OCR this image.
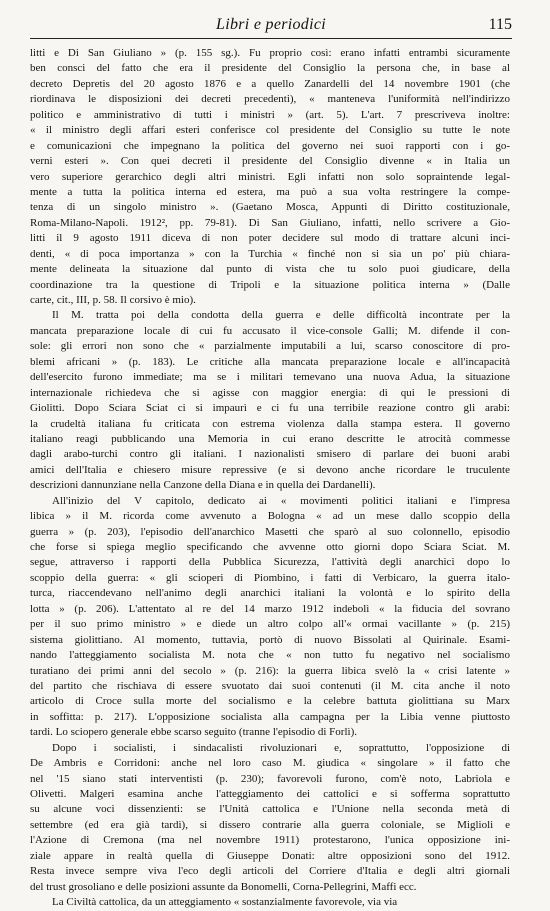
Libri e periodici	115
litti e Di San Giuliano » (p. 155 sg.). Fu proprio così: erano infatti entrambi sicuramente
ben consci del fatto che era il presidente del Consiglio la persona che, in base al
decreto Depretis del 20 agosto 1876 e a quello Zanardelli del 14 novembre 1901 (che
riordinava le disposizioni dei decreti precedenti), « manteneva l'uniformità nell'indirizzo
politico e amministrativo di tutti i ministri » (art. 5). L'art. 7 prescriveva inoltre:
« il ministro degli affari esteri conferisce col presidente del Consiglio su tutte le note
e comunicazioni che impegnano la politica del governo nei suoi rapporti con i go-
verni esteri ». Con quei decreti il presidente del Consiglio divenne « in Italia un
vero superiore gerarchico degli altri ministri. Egli infatti non solo sopraintende legal-
mente a tutta la politica interna ed estera, ma può a sua volta restringere la compe-
tenza di un singolo ministro ». (Gaetano Mosca, Appunti di Diritto costituzionale,
Roma-Milano-Napoli. 1912², pp. 79-81). Di San Giuliano, infatti, nello scrivere a Gio-
litti il 9 agosto 1911 diceva di non poter decidere sul modo di trattare alcuni inci-
denti, « di poca importanza » con la Turchia « finché non si sia un po' più chiara-
mente delineata la situazione dal punto di vista che tu solo puoi giudicare, della
coordinazione tra la questione di Tripoli e la situazione politica interna » (Dalle
carte, cit., III, p. 58. Il corsivo è mio).
Il M. tratta poi della condotta della guerra e delle difficoltà incontrate per la
mancata preparazione locale di cui fu accusato il vice-console Galli; M. difende il con-
sole: gli errori non sono che « parzialmente imputabili a lui, scarso conoscitore di pro-
blemi africani » (p. 183). Le critiche alla mancata preparazione locale e all'incapacità
dell'esercito furono immediate; ma se i militari temevano una nuova Adua, la situazione
internazionale richiedeva che si agisse con maggior energia: di qui le pressioni di
Giolitti. Dopo Sciara Sciat ci si impaurì e ci fu una terribile reazione contro gli arabi:
la crudeltà italiana fu criticata con estrema violenza dalla stampa estera. Il governo
italiano reagì pubblicando una Memoria in cui erano descritte le atrocità commesse
dagli arabo-turchi contro gli italiani. I nazionalisti smisero di parlare dei buoni arabi
amici dell'Italia e chiesero misure repressive (e si devono anche ricordare le truculente
descrizioni dannunziane nella Canzone della Diana e in quella dei Dardanelli).
All'inizio del V capitolo, dedicato ai « movimenti politici italiani e l'impresa
libica » il M. ricorda come avvenuto a Bologna « ad un mese dallo scoppio della
guerra » (p. 203), l'episodio dell'anarchico Masetti che sparò al suo colonnello, episodio
che forse si spiega meglio specificando che avvenne otto giorni dopo Sciara Sciat. M.
segue, attraverso i rapporti della Pubblica Sicurezza, l'attività degli anarchici dopo lo
scoppio della guerra: « gli scioperi di Piombino, i fatti di Verbicaro, la guerra italo-
turca, riaccendevano nell'animo degli anarchici italiani la volontà e lo spirito della
lotta » (p. 206). L'attentato al re del 14 marzo 1912 indebolì « la fiducia del sovrano
per il suo primo ministro » e diede un altro colpo all'« ormai vacillante » (p. 215)
sistema giolittiano. Al momento, tuttavia, portò di nuovo Bissolati al Quirinale. Esami-
nando l'atteggiamento socialista M. nota che « non tutto fu negativo nel socialismo
turatiano dei primi anni del secolo » (p. 216): la guerra libica svelò la « crisi latente »
del partito che rischiava di essere svuotato dai suoi contenuti (il M. cita anche il noto
articolo di Croce sulla morte del socialismo e la celebre battuta giolittiana su Marx
in soffitta: p. 217). L'opposizione socialista alla campagna per la Libia venne piuttosto
tardi. Lo sciopero generale ebbe scarso seguito (tranne l'episodio di Forlì).
Dopo i socialisti, i sindacalisti rivoluzionari e, soprattutto, l'opposizione di
De Ambris e Corridoni: anche nel loro caso M. giudica « singolare » il fatto che
nel '15 siano stati interventisti (p. 230); favorevoli furono, com'è noto, Labriola e
Olivetti. Malgeri esamina anche l'atteggiamento dei cattolici e si sofferma soprattutto
su alcune voci dissenzienti: se l'Unità cattolica e l'Unione nella seconda metà di
settembre (ed era già tardi), si dissero contrarie alla guerra coloniale, se Miglioli e
l'Azione di Cremona (ma nel novembre 1911) protestarono, l'unica opposizione ini-
ziale appare in realtà quella di Giuseppe Donati: altre opposizioni sono del 1912.
Resta invece sempre viva l'eco degli articoli del Corriere d'Italia e degli altri giornali
del trust grosoliano e delle posizioni assunte da Bonomelli, Corna-Pellegrini, Maffi ecc.
La Civiltà cattolica, da un atteggiamento « sostanzialmente favorevole, via via
